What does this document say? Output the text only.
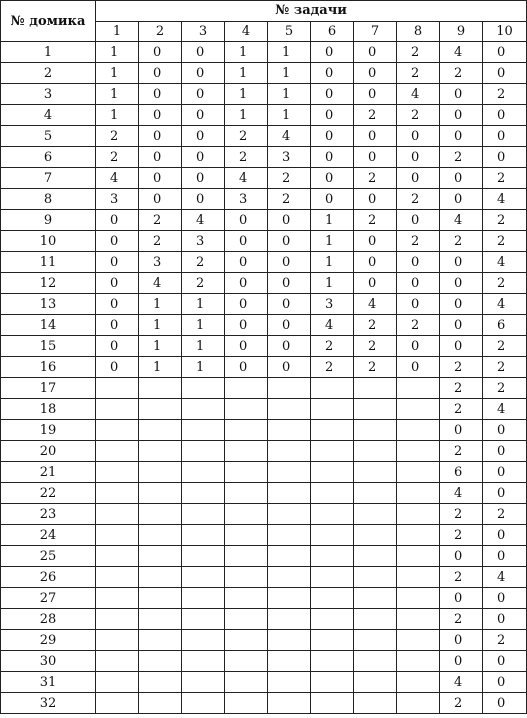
№ домика	№ задачи									
	1	2	3	4	5	6	7	8	9	10
1	1	0	0	1	1	0	0	2	4	0
2	1	0	0	1	1	0	0	2	2	0
3	1	0	0	1	1	0	0	4	0	2
4	1	0	0	1	1	0	2	2	0	0
5	2	0	0	2	4	0	0	0	0	0
6	2	0	0	2	3	0	0	0	2	0
7	4	0	0	4	2	0	2	0	0	2
8	3	0	0	3	2	0	0	2	0	4
9	0	2	4	0	0	1	2	0	4	2
10	0	2	3	0	0	1	0	2	2	2
11	0	3	2	0	0	1	0	0	0	4
12	0	4	2	0	0	1	0	0	0	2
13	0	1	1	0	0	3	4	0	0	4
14	0	1	1	0	0	4	2	2	0	6
15	0	1	1	0	0	2	2	0	0	2
16	0	1	1	0	0	2	2	0	2	2
17									2	2
18									2	4
19									0	0
20									2	0
21									6	0
22									4	0
23									2	2
24									2	0
25									0	0
26									2	4
27									0	0
28									2	0
29									0	2
30									0	0
31									4	0
32									2	0
